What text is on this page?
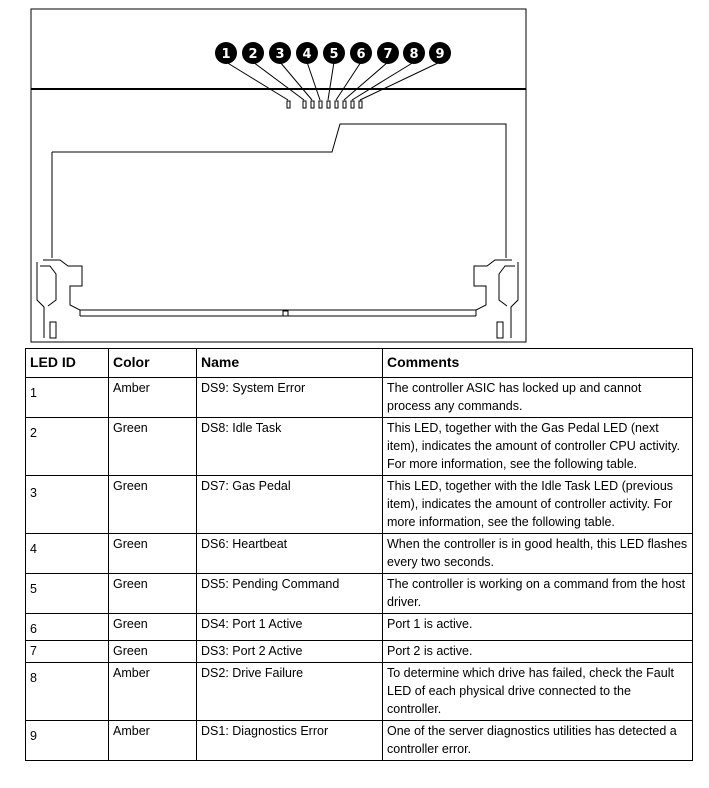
1 2 3 4 5 6 7 8 9
LED ID	Color	Name	Comments
1	Amber	DS9: System Error	The controller ASIC has locked up and cannot process any commands.
2	Green	DS8: Idle Task	This LED, together with the Gas Pedal LED (next item), indicates the amount of controller CPU activity. For more information, see the following table.
3	Green	DS7: Gas Pedal	This LED, together with the Idle Task LED (previous item), indicates the amount of controller activity. For more information, see the following table.
4	Green	DS6: Heartbeat	When the controller is in good health, this LED flashes every two seconds.
5	Green	DS5: Pending Command	The controller is working on a command from the host driver.
6	Green	DS4: Port 1 Active	Port 1 is active.
7	Green	DS3: Port 2 Active	Port 2 is active.
8	Amber	DS2: Drive Failure	To determine which drive has failed, check the Fault LED of each physical drive connected to the controller.
9	Amber	DS1: Diagnostics Error	One of the server diagnostics utilities has detected a controller error.
